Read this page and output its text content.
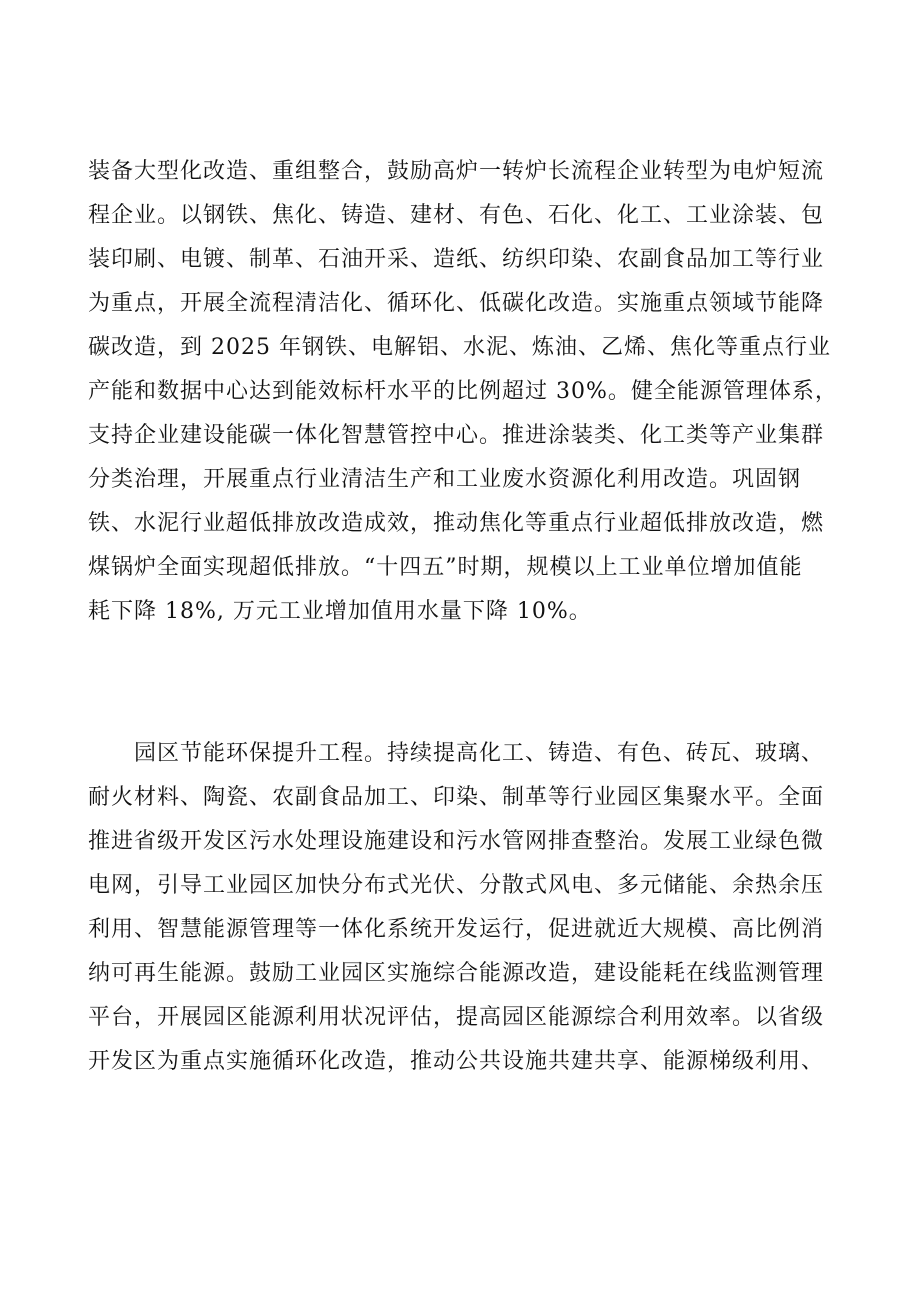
装备大型化改造、重组整合，鼓励高炉一转炉长流程企业转型为电炉短流
程企业。以钢铁、焦化、铸造、建材、有色、石化、化工、工业涂装、包
装印刷、电镀、制革、石油开采、造纸、纺织印染、农副食品加工等行业
为重点，开展全流程清洁化、循环化、低碳化改造。实施重点领域节能降
碳改造，到 2025 年钢铁、电解铝、水泥、炼油、乙烯、焦化等重点行业
产能和数据中心达到能效标杆水平的比例超过 30%。健全能源管理体系，
支持企业建设能碳一体化智慧管控中心。推进涂装类、化工类等产业集群
分类治理，开展重点行业清洁生产和工业废水资源化利用改造。巩固钢
铁、水泥行业超低排放改造成效，推动焦化等重点行业超低排放改造，燃
煤锅炉全面实现超低排放。“十四五”时期，规模以上工业单位增加值能
耗下降 18%, 万元工业增加值用水量下降 10%。

　　园区节能环保提升工程。持续提高化工、铸造、有色、砖瓦、玻璃、
耐火材料、陶瓷、农副食品加工、印染、制革等行业园区集聚水平。全面
推进省级开发区污水处理设施建设和污水管网排查整治。发展工业绿色微
电网，引导工业园区加快分布式光伏、分散式风电、多元储能、余热余压
利用、智慧能源管理等一体化系统开发运行，促进就近大规模、高比例消
纳可再生能源。鼓励工业园区实施综合能源改造，建设能耗在线监测管理
平台，开展园区能源利用状况评估，提高园区能源综合利用效率。以省级
开发区为重点实施循环化改造，推动公共设施共建共享、能源梯级利用、
